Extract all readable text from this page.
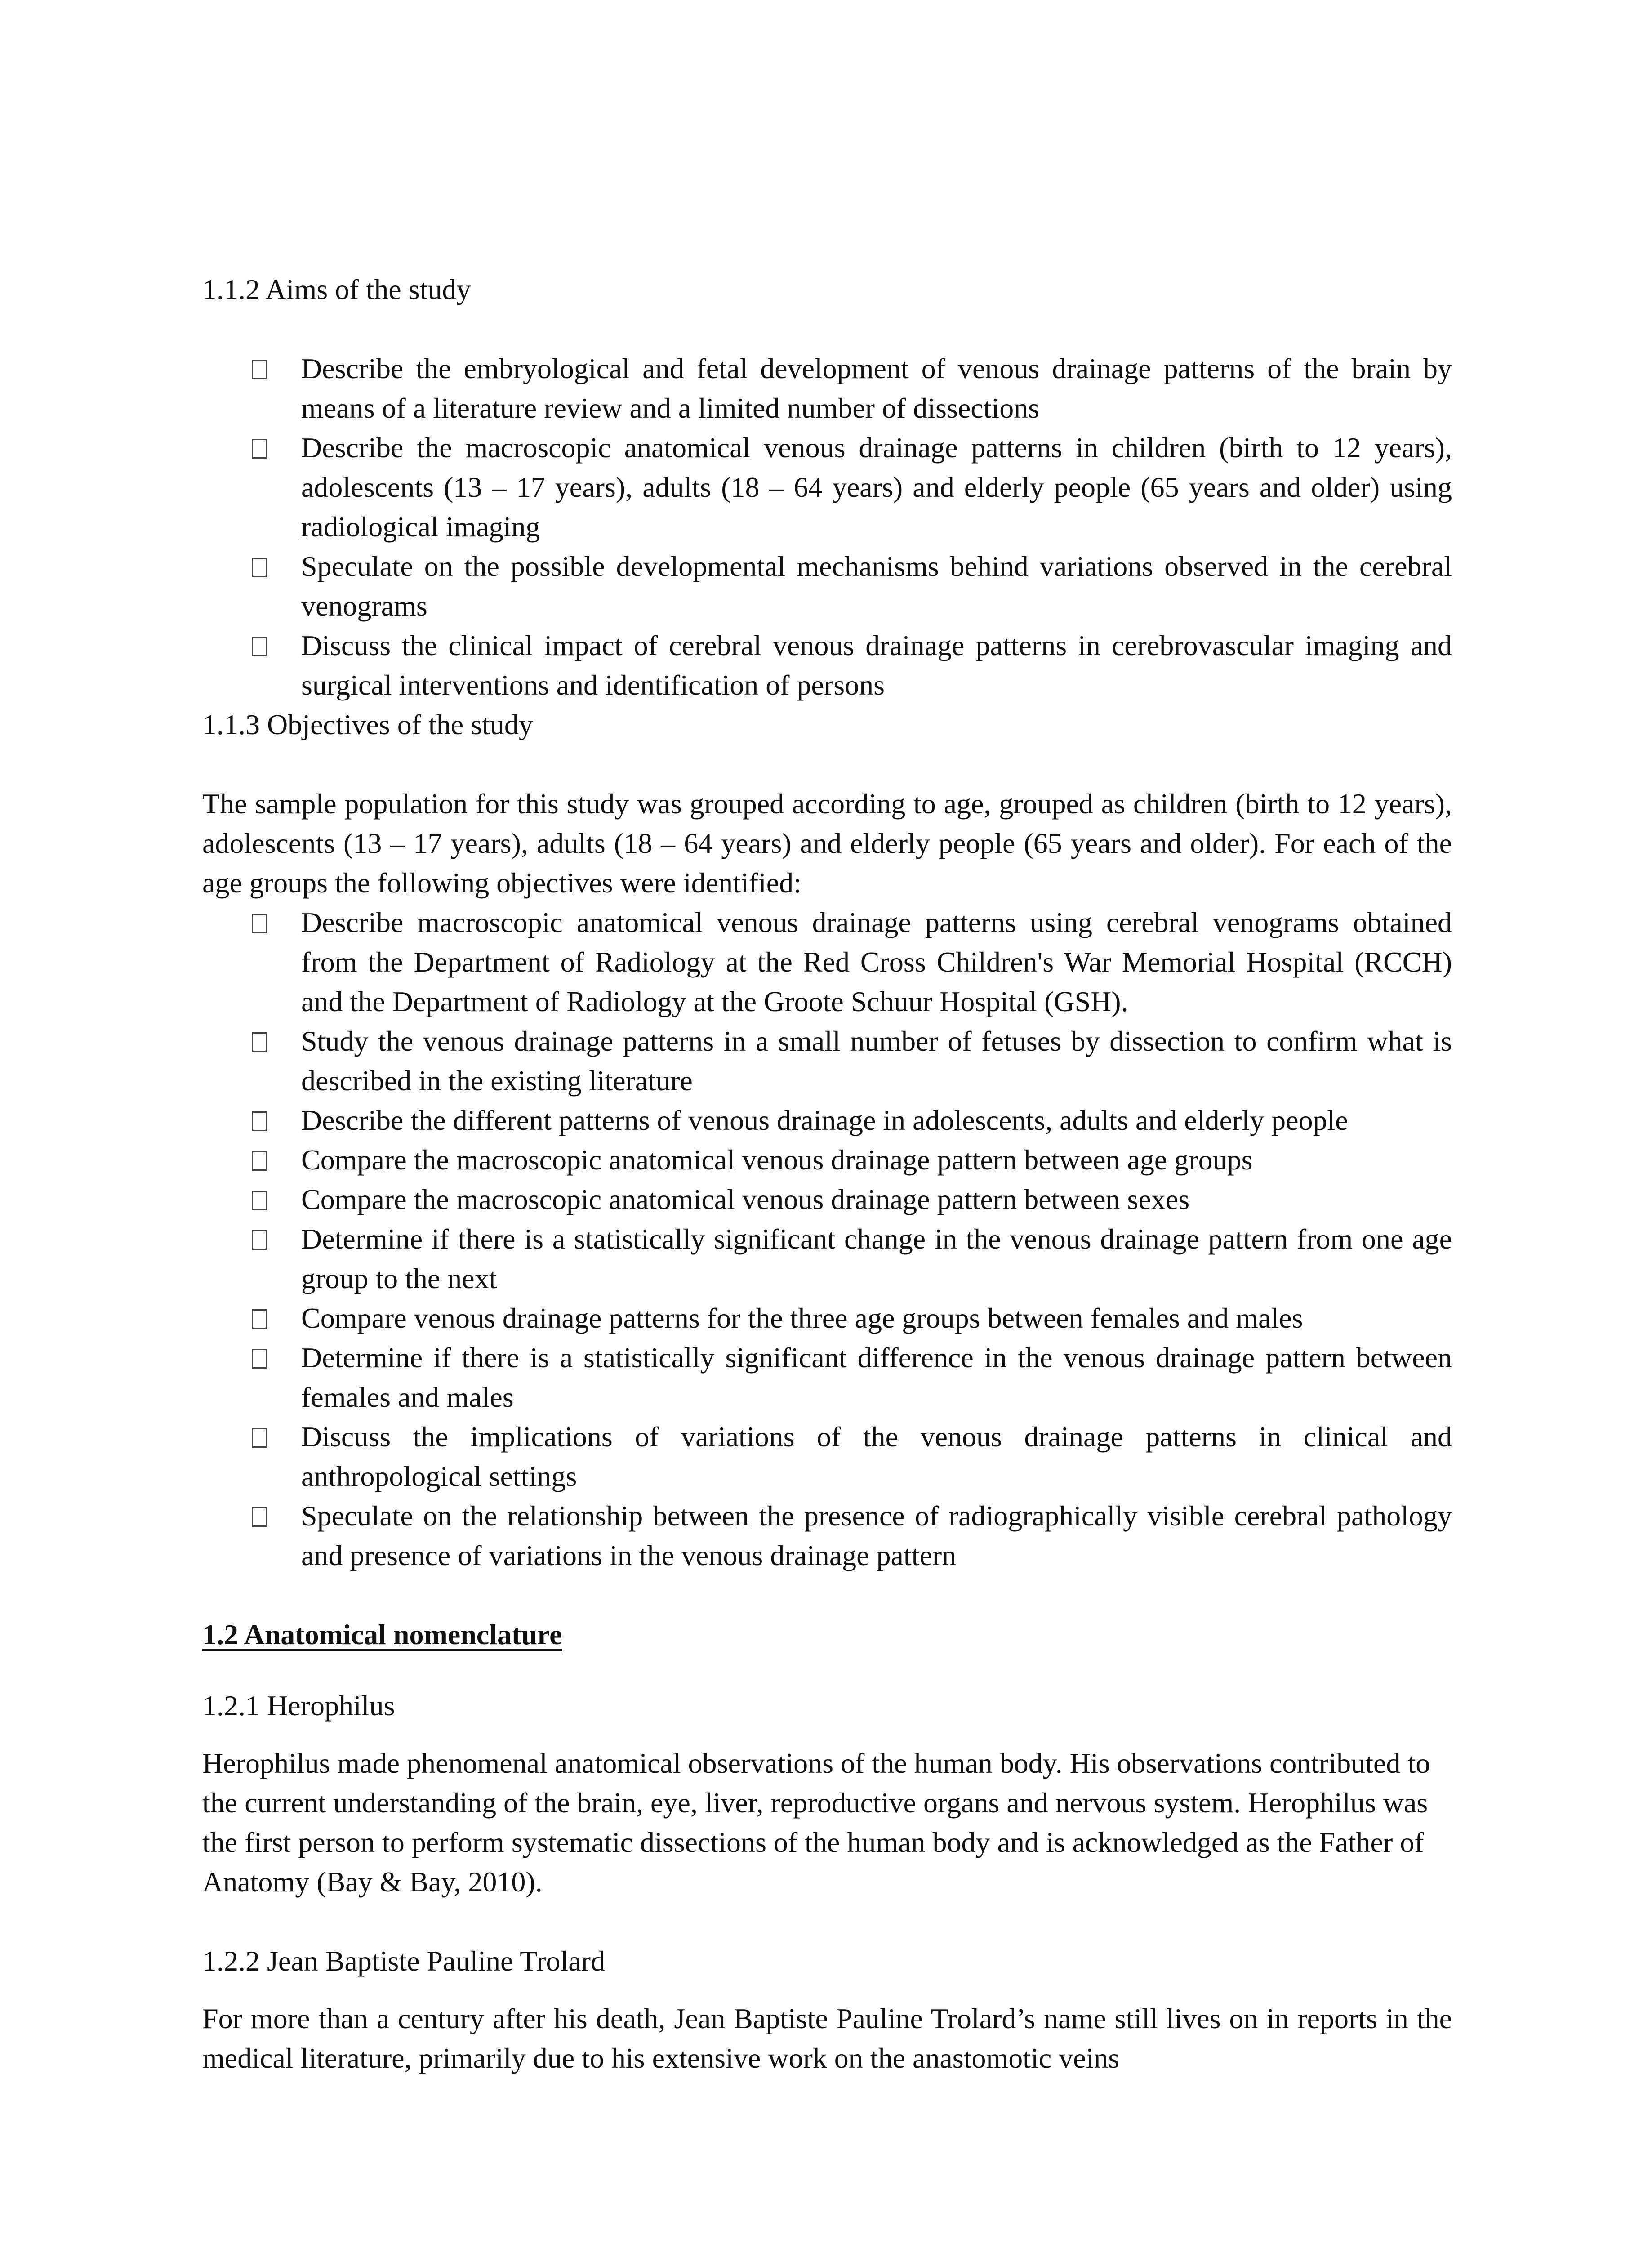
1.1.2 Aims of the study

Describe the embryological and fetal development of venous drainage patterns of the brain by means of a literature review and a limited number of dissections
Describe the macroscopic anatomical venous drainage patterns in children (birth to 12 years), adolescents (13 – 17 years), adults (18 – 64 years) and elderly people (65 years and older) using radiological imaging
Speculate on the possible developmental mechanisms behind variations observed in the cerebral venograms
Discuss the clinical impact of cerebral venous drainage patterns in cerebrovascular imaging and surgical interventions and identification of persons

1.1.3 Objectives of the study

The sample population for this study was grouped according to age, grouped as children (birth to 12 years), adolescents (13 – 17 years), adults (18 – 64 years) and elderly people (65 years and older). For each of the age groups the following objectives were identified:

Describe macroscopic anatomical venous drainage patterns using cerebral venograms obtained from the Department of Radiology at the Red Cross Children's War Memorial Hospital (RCCH) and the Department of Radiology at the Groote Schuur Hospital (GSH).
Study the venous drainage patterns in a small number of fetuses by dissection to confirm what is described in the existing literature
Describe the different patterns of venous drainage in adolescents, adults and elderly people
Compare the macroscopic anatomical venous drainage pattern between age groups
Compare the macroscopic anatomical venous drainage pattern between sexes
Determine if there is a statistically significant change in the venous drainage pattern from one age group to the next
Compare venous drainage patterns for the three age groups between females and males
Determine if there is a statistically significant difference in the venous drainage pattern between females and males
Discuss the implications of variations of the venous drainage patterns in clinical and anthropological settings
Speculate on the relationship between the presence of radiographically visible cerebral pathology and presence of variations in the venous drainage pattern

1.2 Anatomical nomenclature

1.2.1 Herophilus

Herophilus made phenomenal anatomical observations of the human body. His observations contributed to the current understanding of the brain, eye, liver, reproductive organs and nervous system. Herophilus was the first person to perform systematic dissections of the human body and is acknowledged as the Father of Anatomy (Bay & Bay, 2010).

1.2.2 Jean Baptiste Pauline Trolard

For more than a century after his death, Jean Baptiste Pauline Trolard’s name still lives on in reports in the medical literature, primarily due to his extensive work on the anastomotic veins
